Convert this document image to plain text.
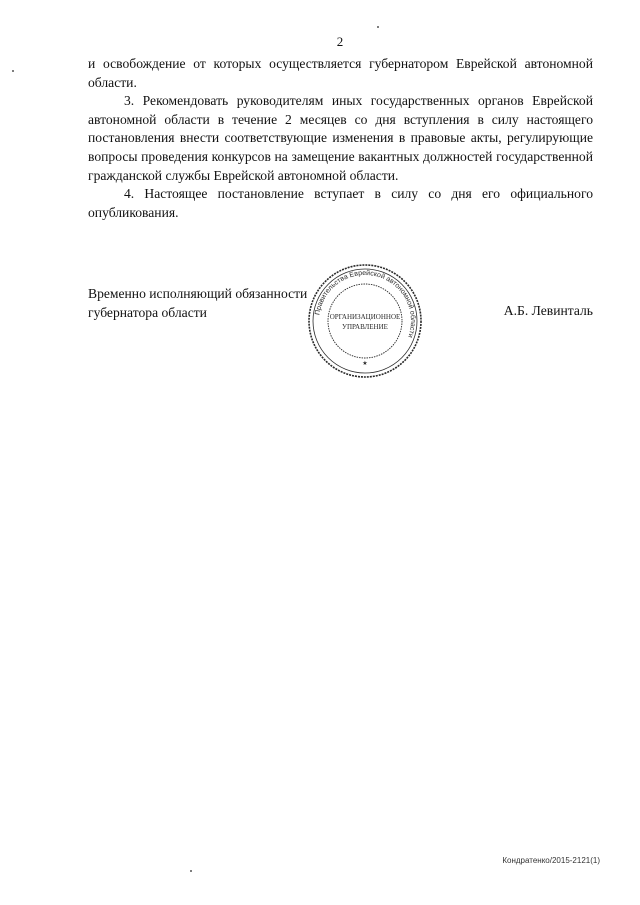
2

и освобождение от которых осуществляется губернатором Еврейской автономной области.

3. Рекомендовать руководителям иных государственных органов Еврейской автономной области в течение 2 месяцев со дня вступления в силу настоящего постановления внести соответствующие изменения в правовые акты, регулирующие вопросы проведения конкурсов на замещение вакантных должностей государственной гражданской службы Еврейской автономной области.

4. Настоящее постановление вступает в силу со дня его официального опубликования.

Временно исполняющий обязанности
губернатора области	А.Б. Левинталь
Правительства Еврейской автономной области
ОРГАНИЗАЦИОННОЕ
УПРАВЛЕНИЕ
★
Кондратенко/2015-2121(1)
